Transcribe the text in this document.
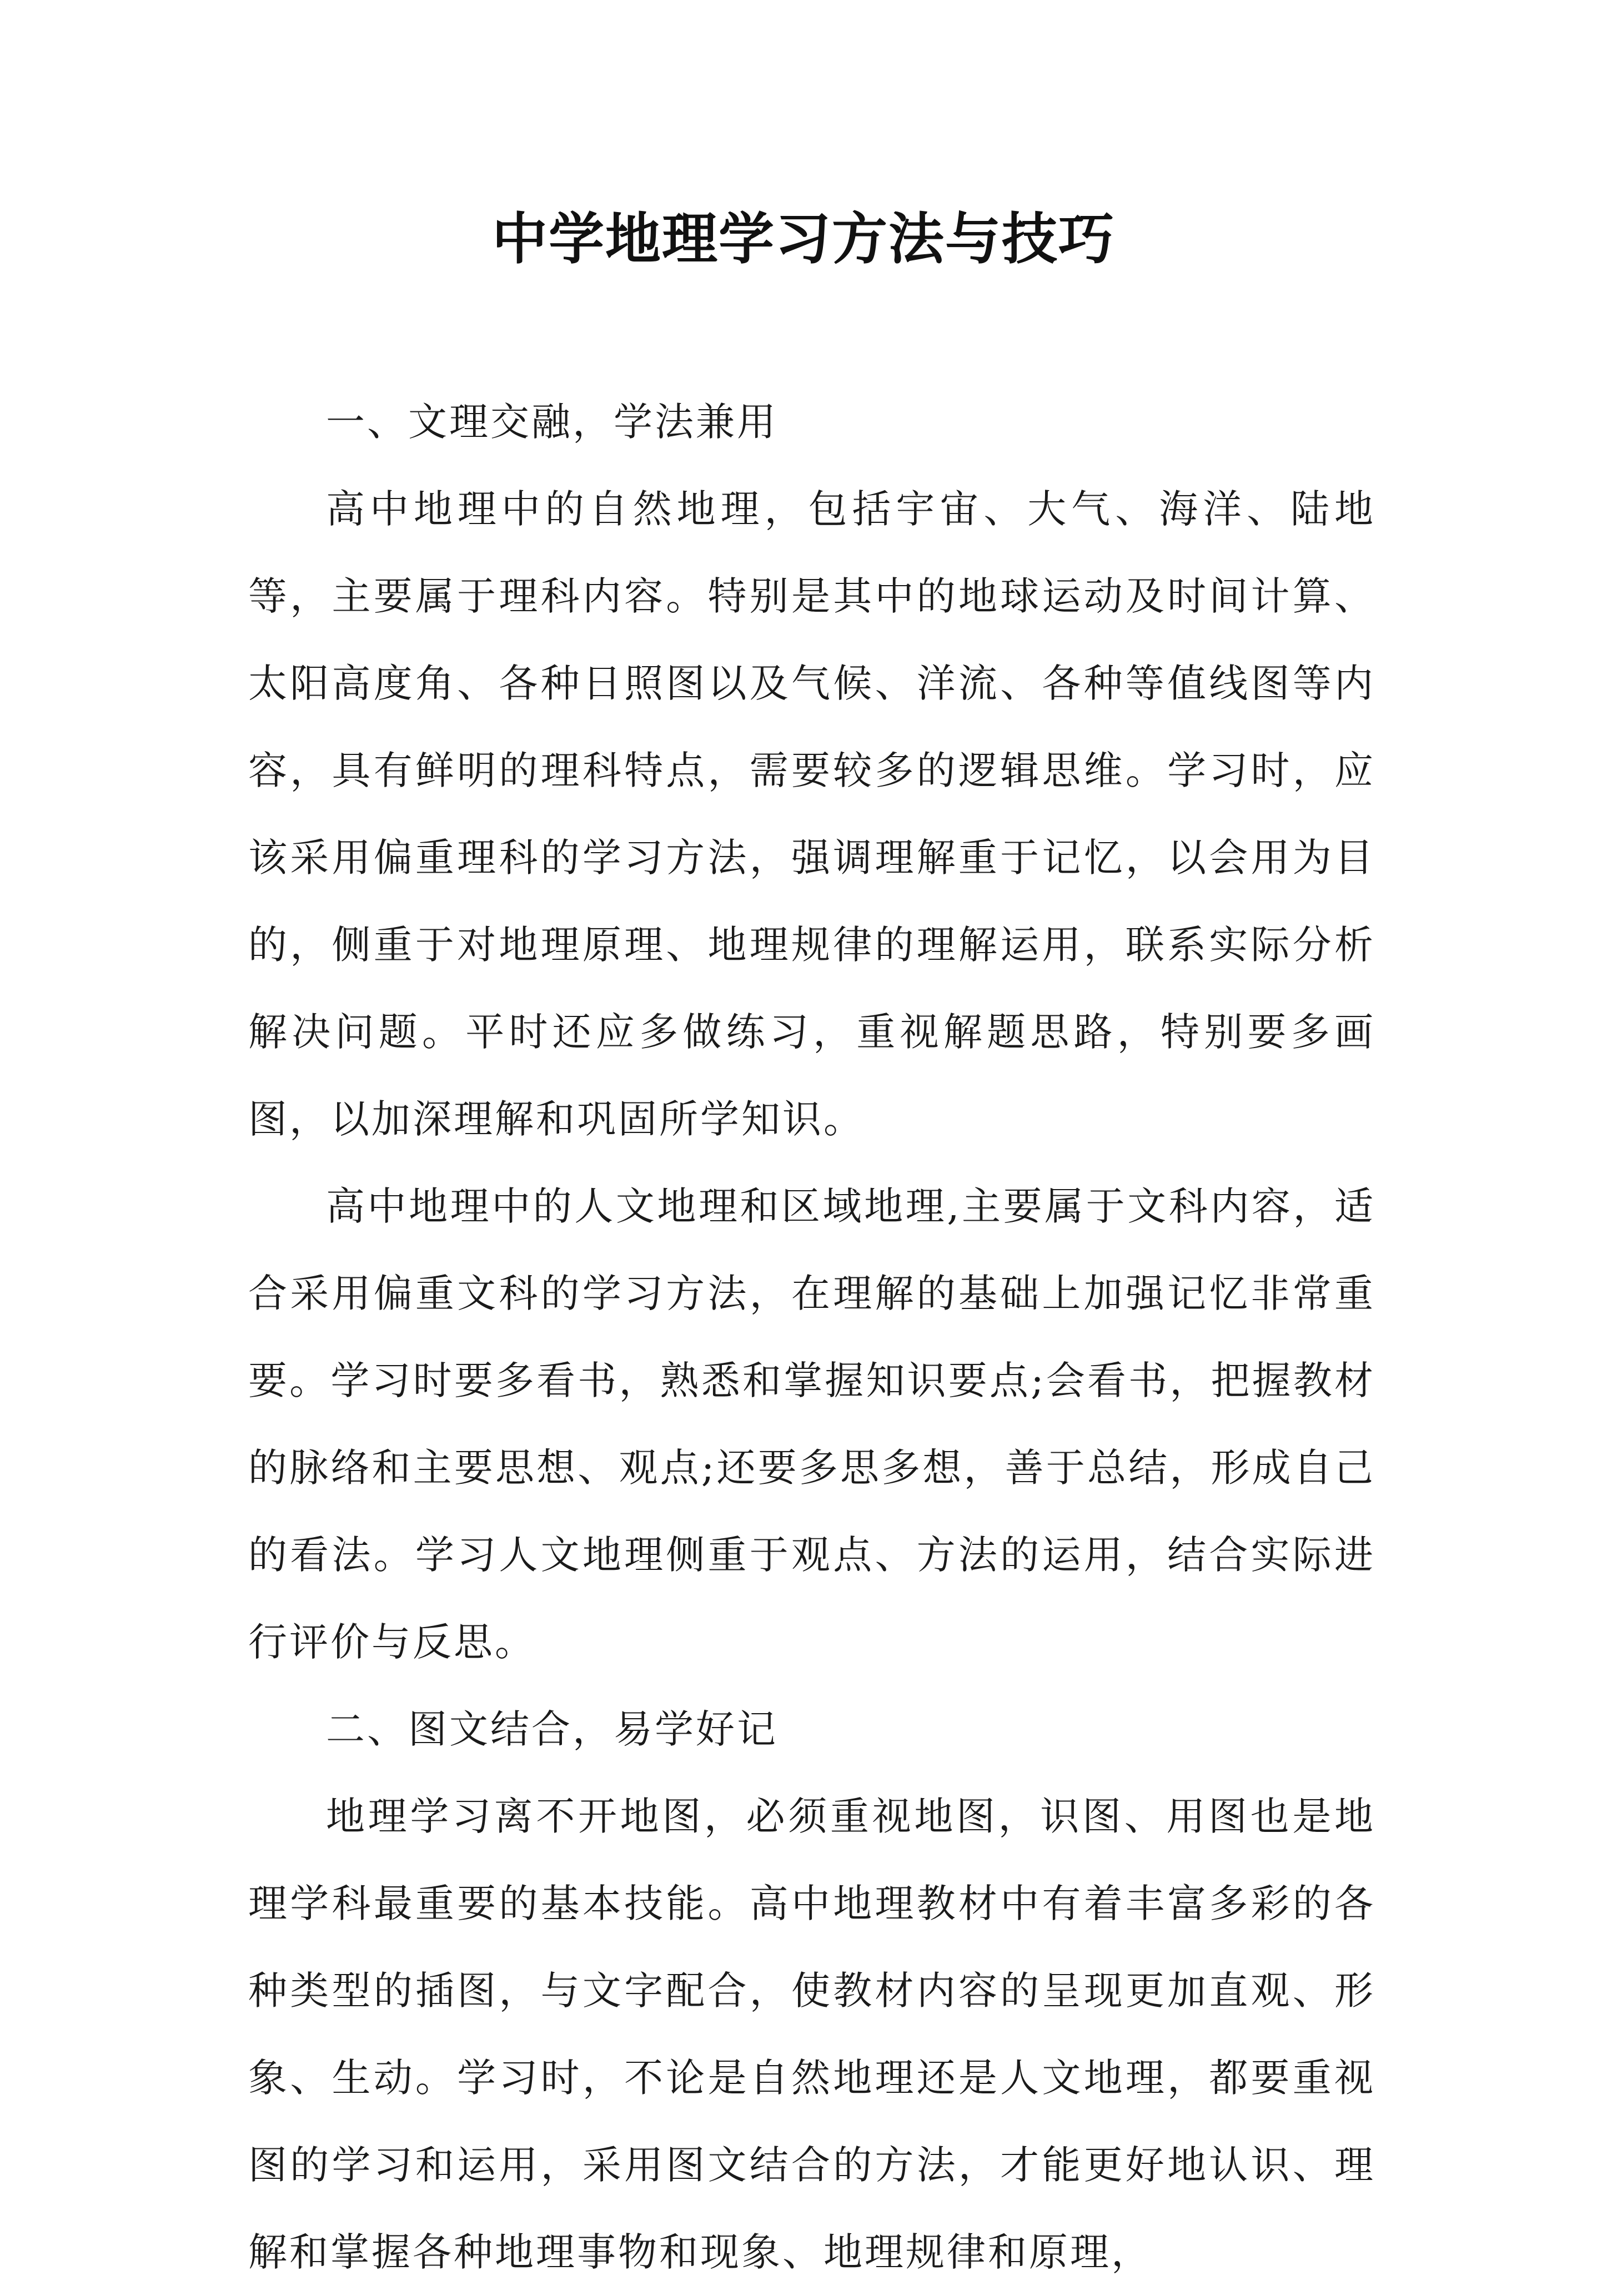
中学地理学习方法与技巧

一、文理交融，学法兼用

高中地理中的自然地理，包括宇宙、大气、海洋、陆地等，主要属于理科内容。特别是其中的地球运动及时间计算、太阳高度角、各种日照图以及气候、洋流、各种等值线图等内容，具有鲜明的理科特点，需要较多的逻辑思维。学习时，应该采用偏重理科的学习方法，强调理解重于记忆，以会用为目的，侧重于对地理原理、地理规律的理解运用，联系实际分析解决问题。平时还应多做练习，重视解题思路，特别要多画图，以加深理解和巩固所学知识。

高中地理中的人文地理和区域地理,主要属于文科内容，适合采用偏重文科的学习方法，在理解的基础上加强记忆非常重要。学习时要多看书，熟悉和掌握知识要点;会看书，把握教材的脉络和主要思想、观点;还要多思多想，善于总结，形成自己的看法。学习人文地理侧重于观点、方法的运用，结合实际进行评价与反思。

二、图文结合，易学好记

地理学习离不开地图，必须重视地图，识图、用图也是地理学科最重要的基本技能。高中地理教材中有着丰富多彩的各种类型的插图，与文字配合，使教材内容的呈现更加直观、形象、生动。学习时，不论是自然地理还是人文地理，都要重视图的学习和运用，采用图文结合的方法，才能更好地认识、理解和掌握各种地理事物和现象、地理规律和原理，
